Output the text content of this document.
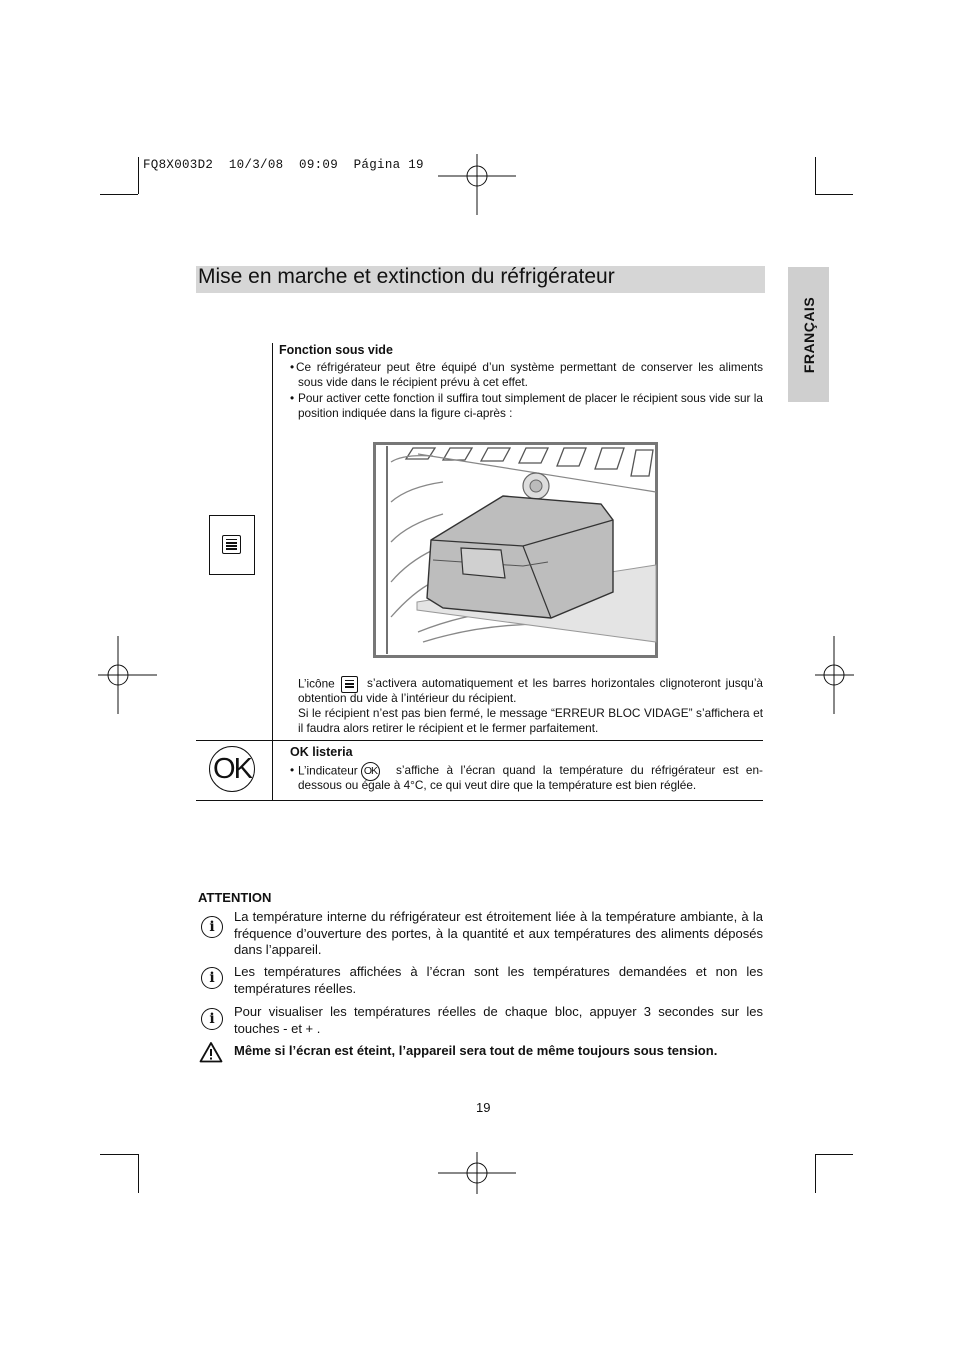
FQ8X003D2  10/3/08  09:09  Página 19
Mise en marche et extinction du réfrigérateur
FRANÇAIS
Fonction sous vide
• Ce réfrigérateur peut être équipé d’un système permettant de conserver les aliments sous vide dans le récipient prévu à cet effet.
• Pour activer cette fonction il suffira tout simplement de placer le récipient sous vide sur la position indiquée dans la figure ci-après :
L’icône	s’activera automatiquement et les barres horizontales clignoteront jusqu’à obtention du vide à l’intérieur du récipient.
Si le récipient n’est pas bien fermé, le message “ERREUR BLOC VIDAGE” s’affichera et il faudra alors retirer le récipient et le fermer parfaitement.
OK
OK listeria
• L’indicateur OK	s’affiche à l’écran quand la température du réfrigérateur est en-dessous ou égale à 4°C, ce qui veut dire que la température est bien réglée.
ATTENTION
i
La température interne du réfrigérateur est étroitement liée à la température ambiante, à la fréquence d’ouverture des portes, à la quantité et aux températures des aliments déposés dans l’appareil.
i	Les températures affichées à l’écran sont les températures demandées et non les températures réelles.
i	Pour visualiser les températures réelles de chaque bloc, appuyer 3 secondes sur les touches - et + .
Même si l’écran est éteint, l’appareil sera tout de même toujours sous tension.
19
